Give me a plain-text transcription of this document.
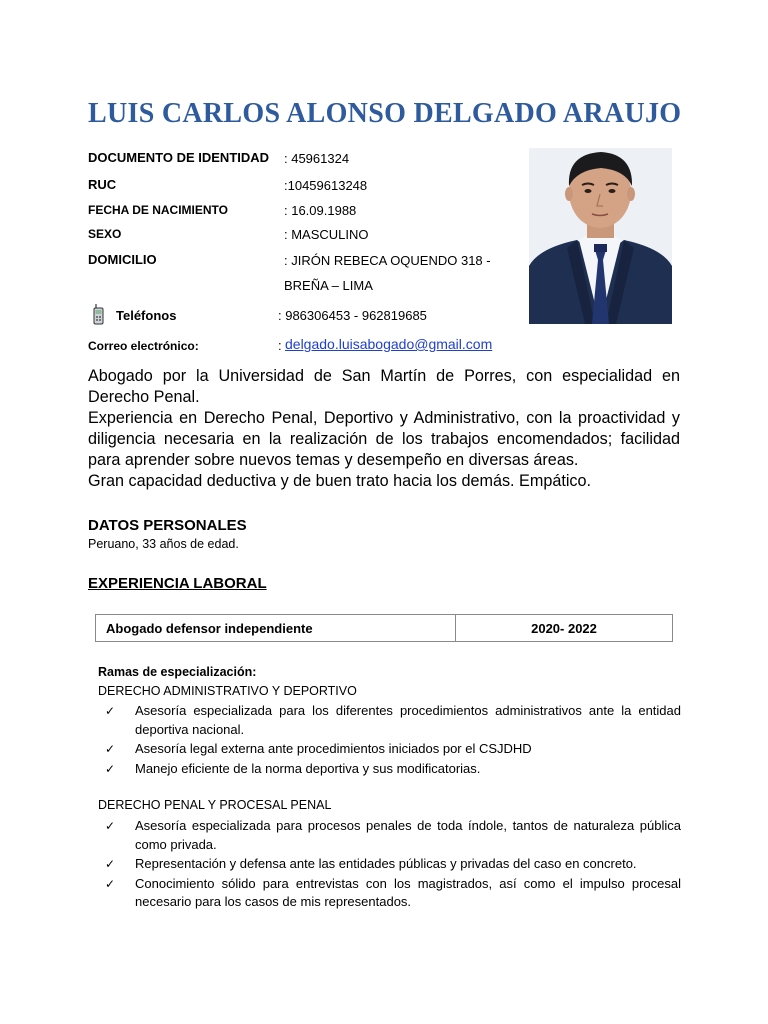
LUIS CARLOS ALONSO DELGADO ARAUJO
DOCUMENTO DE IDENTIDAD : 45961324
RUC	:10459613248
FECHA DE NACIMIENTO	: 16.09.1988
SEXO	: MASCULINO
DOMICILIO	: JIRÓN REBECA OQUENDO 318 -
BREÑA – LIMA
Teléfonos	: 986306453 - 962819685
Correo electrónico:	: delgado.luisabogado@gmail.com

Abogado por la Universidad de San Martín de Porres, con especialidad en Derecho Penal.

Experiencia en Derecho Penal, Deportivo y Administrativo, con la proactividad y diligencia necesaria en la realización de los trabajos encomendados; facilidad para aprender sobre nuevos temas y desempeño en diversas áreas.

Gran capacidad deductiva y de buen trato hacia los demás. Empático.

DATOS PERSONALES
Peruano, 33 años de edad.
EXPERIENCIA LABORAL
Abogado defensor independiente	2020- 2022
Ramas de especialización:
DERECHO ADMINISTRATIVO Y DEPORTIVO
✓ Asesoría especializada para los diferentes procedimientos administrativos ante la entidad deportiva nacional.
✓ Asesoría legal externa ante procedimientos iniciados por el CSJDHD
✓ Manejo eficiente de la norma deportiva y sus modificatorias.
DERECHO PENAL Y PROCESAL PENAL
✓ Asesoría especializada para procesos penales de toda índole, tantos de naturaleza pública como privada.
✓ Representación y defensa ante las entidades públicas y privadas del caso en concreto.
✓ Conocimiento sólido para entrevistas con los magistrados, así como el impulso procesal necesario para los casos de mis representados.
